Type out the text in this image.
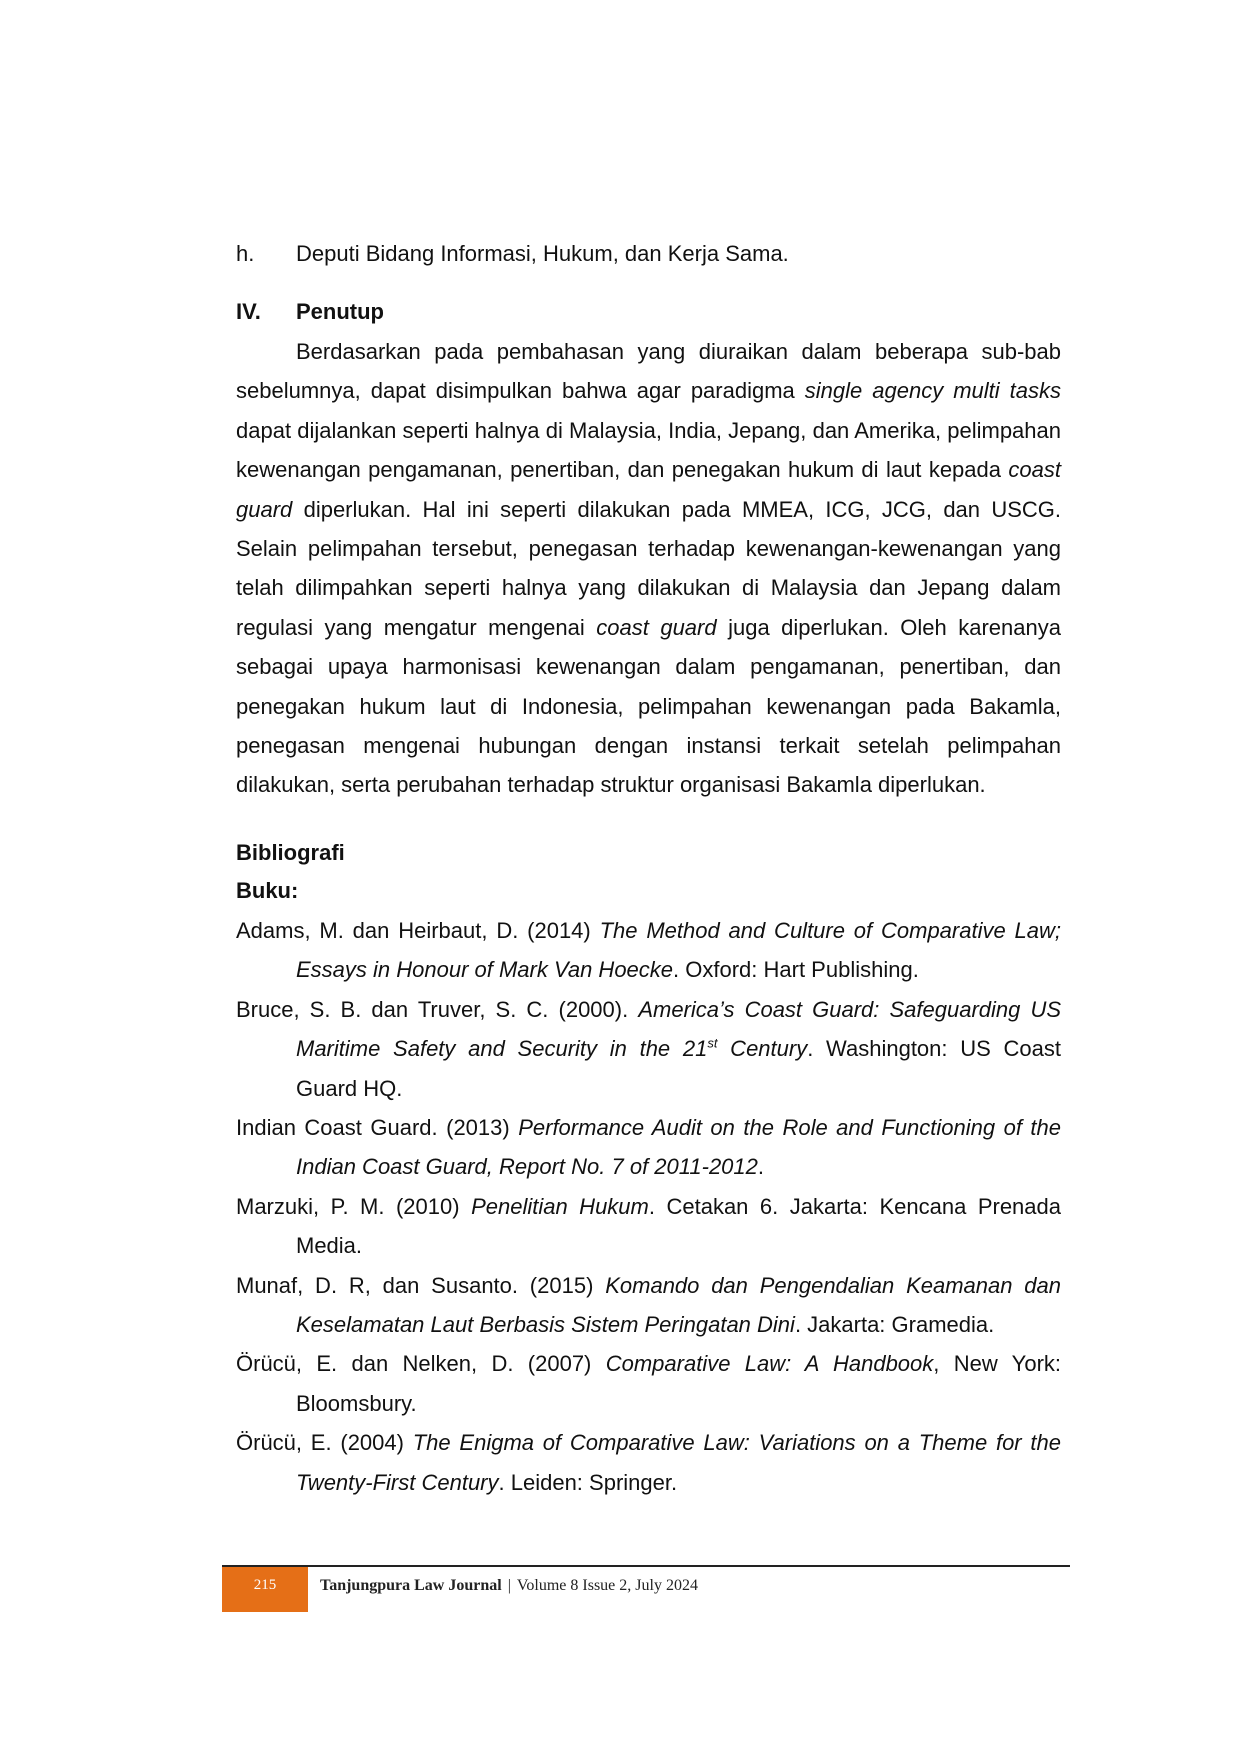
h.	Deputi Bidang Informasi, Hukum, dan Kerja Sama.
IV.	Penutup

Berdasarkan pada pembahasan yang diuraikan dalam beberapa sub-bab sebelumnya, dapat disimpulkan bahwa agar paradigma single agency multi tasks dapat dijalankan seperti halnya di Malaysia, India, Jepang, dan Amerika, pelimpahan kewenangan pengamanan, penertiban, dan penegakan hukum di laut kepada coast guard diperlukan. Hal ini seperti dilakukan pada MMEA, ICG, JCG, dan USCG. Selain pelimpahan tersebut, penegasan terhadap kewenangan-kewenangan yang telah dilimpahkan seperti halnya yang dilakukan di Malaysia dan Jepang dalam regulasi yang mengatur mengenai coast guard juga diperlukan. Oleh karenanya sebagai upaya harmonisasi kewenangan dalam pengamanan, penertiban, dan penegakan hukum laut di Indonesia, pelimpahan kewenangan pada Bakamla, penegasan mengenai hubungan dengan instansi terkait setelah pelimpahan dilakukan, serta perubahan terhadap struktur organisasi Bakamla diperlukan.

Bibliografi
Buku:
Adams, M. dan Heirbaut, D. (2014) The Method and Culture of Comparative Law; Essays in Honour of Mark Van Hoecke. Oxford: Hart Publishing.
Bruce, S. B. dan Truver, S. C. (2000). America’s Coast Guard: Safeguarding US Maritime Safety and Security in the 21st Century. Washington: US Coast Guard HQ.
Indian Coast Guard. (2013) Performance Audit on the Role and Functioning of the Indian Coast Guard, Report No. 7 of 2011-2012.
Marzuki, P. M. (2010) Penelitian Hukum. Cetakan 6. Jakarta: Kencana Prenada Media.
Munaf, D. R, dan Susanto. (2015) Komando dan Pengendalian Keamanan dan Keselamatan Laut Berbasis Sistem Peringatan Dini. Jakarta: Gramedia.
Örücü, E. dan Nelken, D. (2007) Comparative Law: A Handbook, New York: Bloomsbury.
Örücü, E. (2004) The Enigma of Comparative Law: Variations on a Theme for the Twenty-First Century. Leiden: Springer.
215	Tanjungpura Law Journal | Volume 8 Issue 2, July 2024
